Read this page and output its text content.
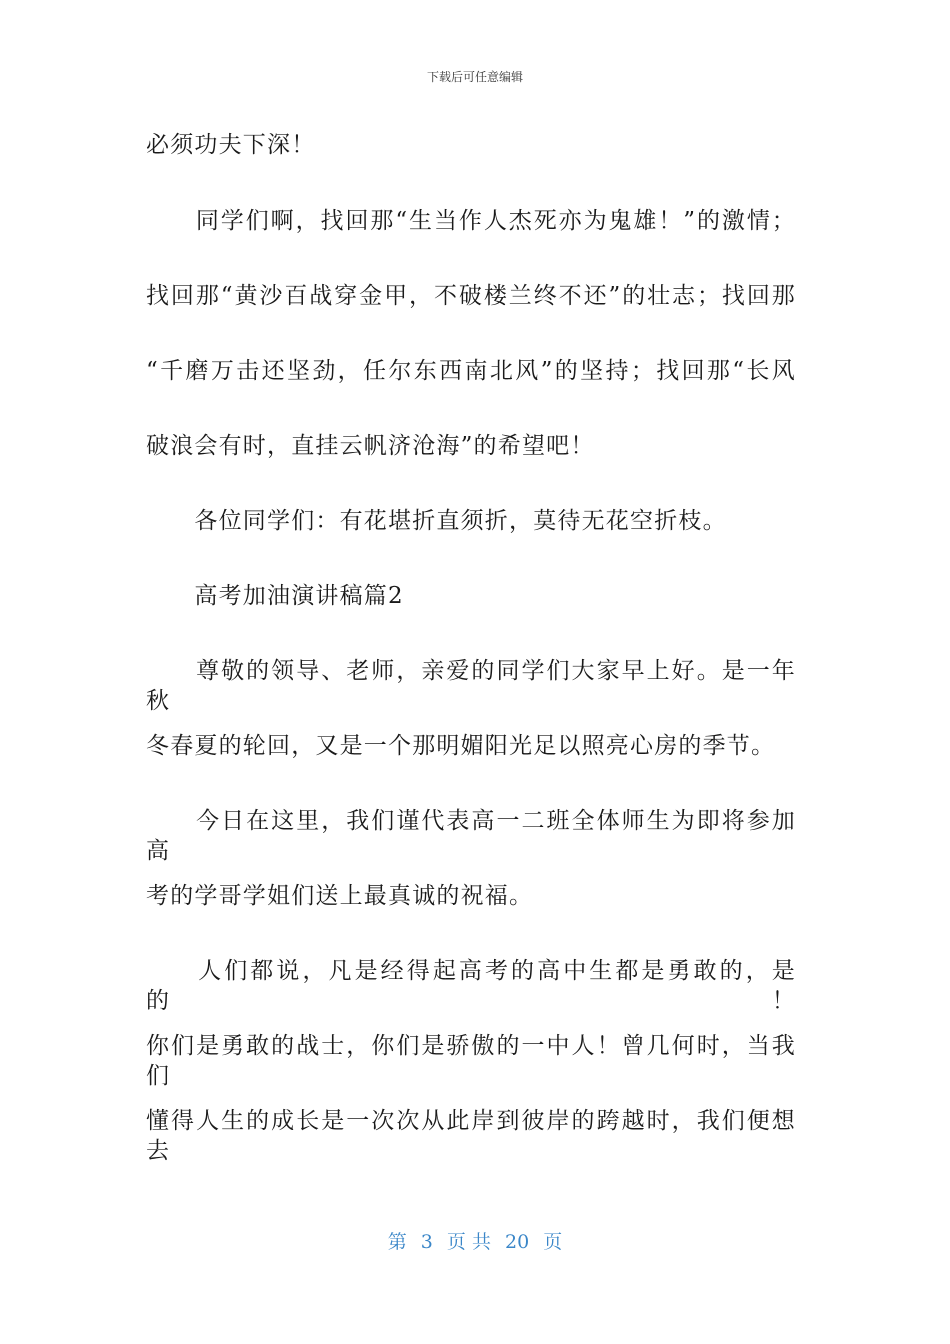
下载后可任意编辑
必须功夫下深！
　　同学们啊，找回那“生当作人杰死亦为鬼雄！”的激情；
找回那“黄沙百战穿金甲，不破楼兰终不还”的壮志；找回那
“千磨万击还坚劲，任尔东西南北风”的坚持；找回那“长风
破浪会有时，直挂云帆济沧海”的希望吧！
　　各位同学们：有花堪折直须折，莫待无花空折枝。
　　高考加油演讲稿篇2
　　尊敬的领导、老师，亲爱的同学们大家早上好。是一年秋
冬春夏的轮回，又是一个那明媚阳光足以照亮心房的季节。
　　今日在这里，我们谨代表高一二班全体师生为即将参加高
考的学哥学姐们送上最真诚的祝福。
　　人们都说，凡是经得起高考的高中生都是勇敢的，是的！
你们是勇敢的战士，你们是骄傲的一中人！曾几何时，当我们
懂得人生的成长是一次次从此岸到彼岸的跨越时，我们便想去
第 3 页 共 20 页
